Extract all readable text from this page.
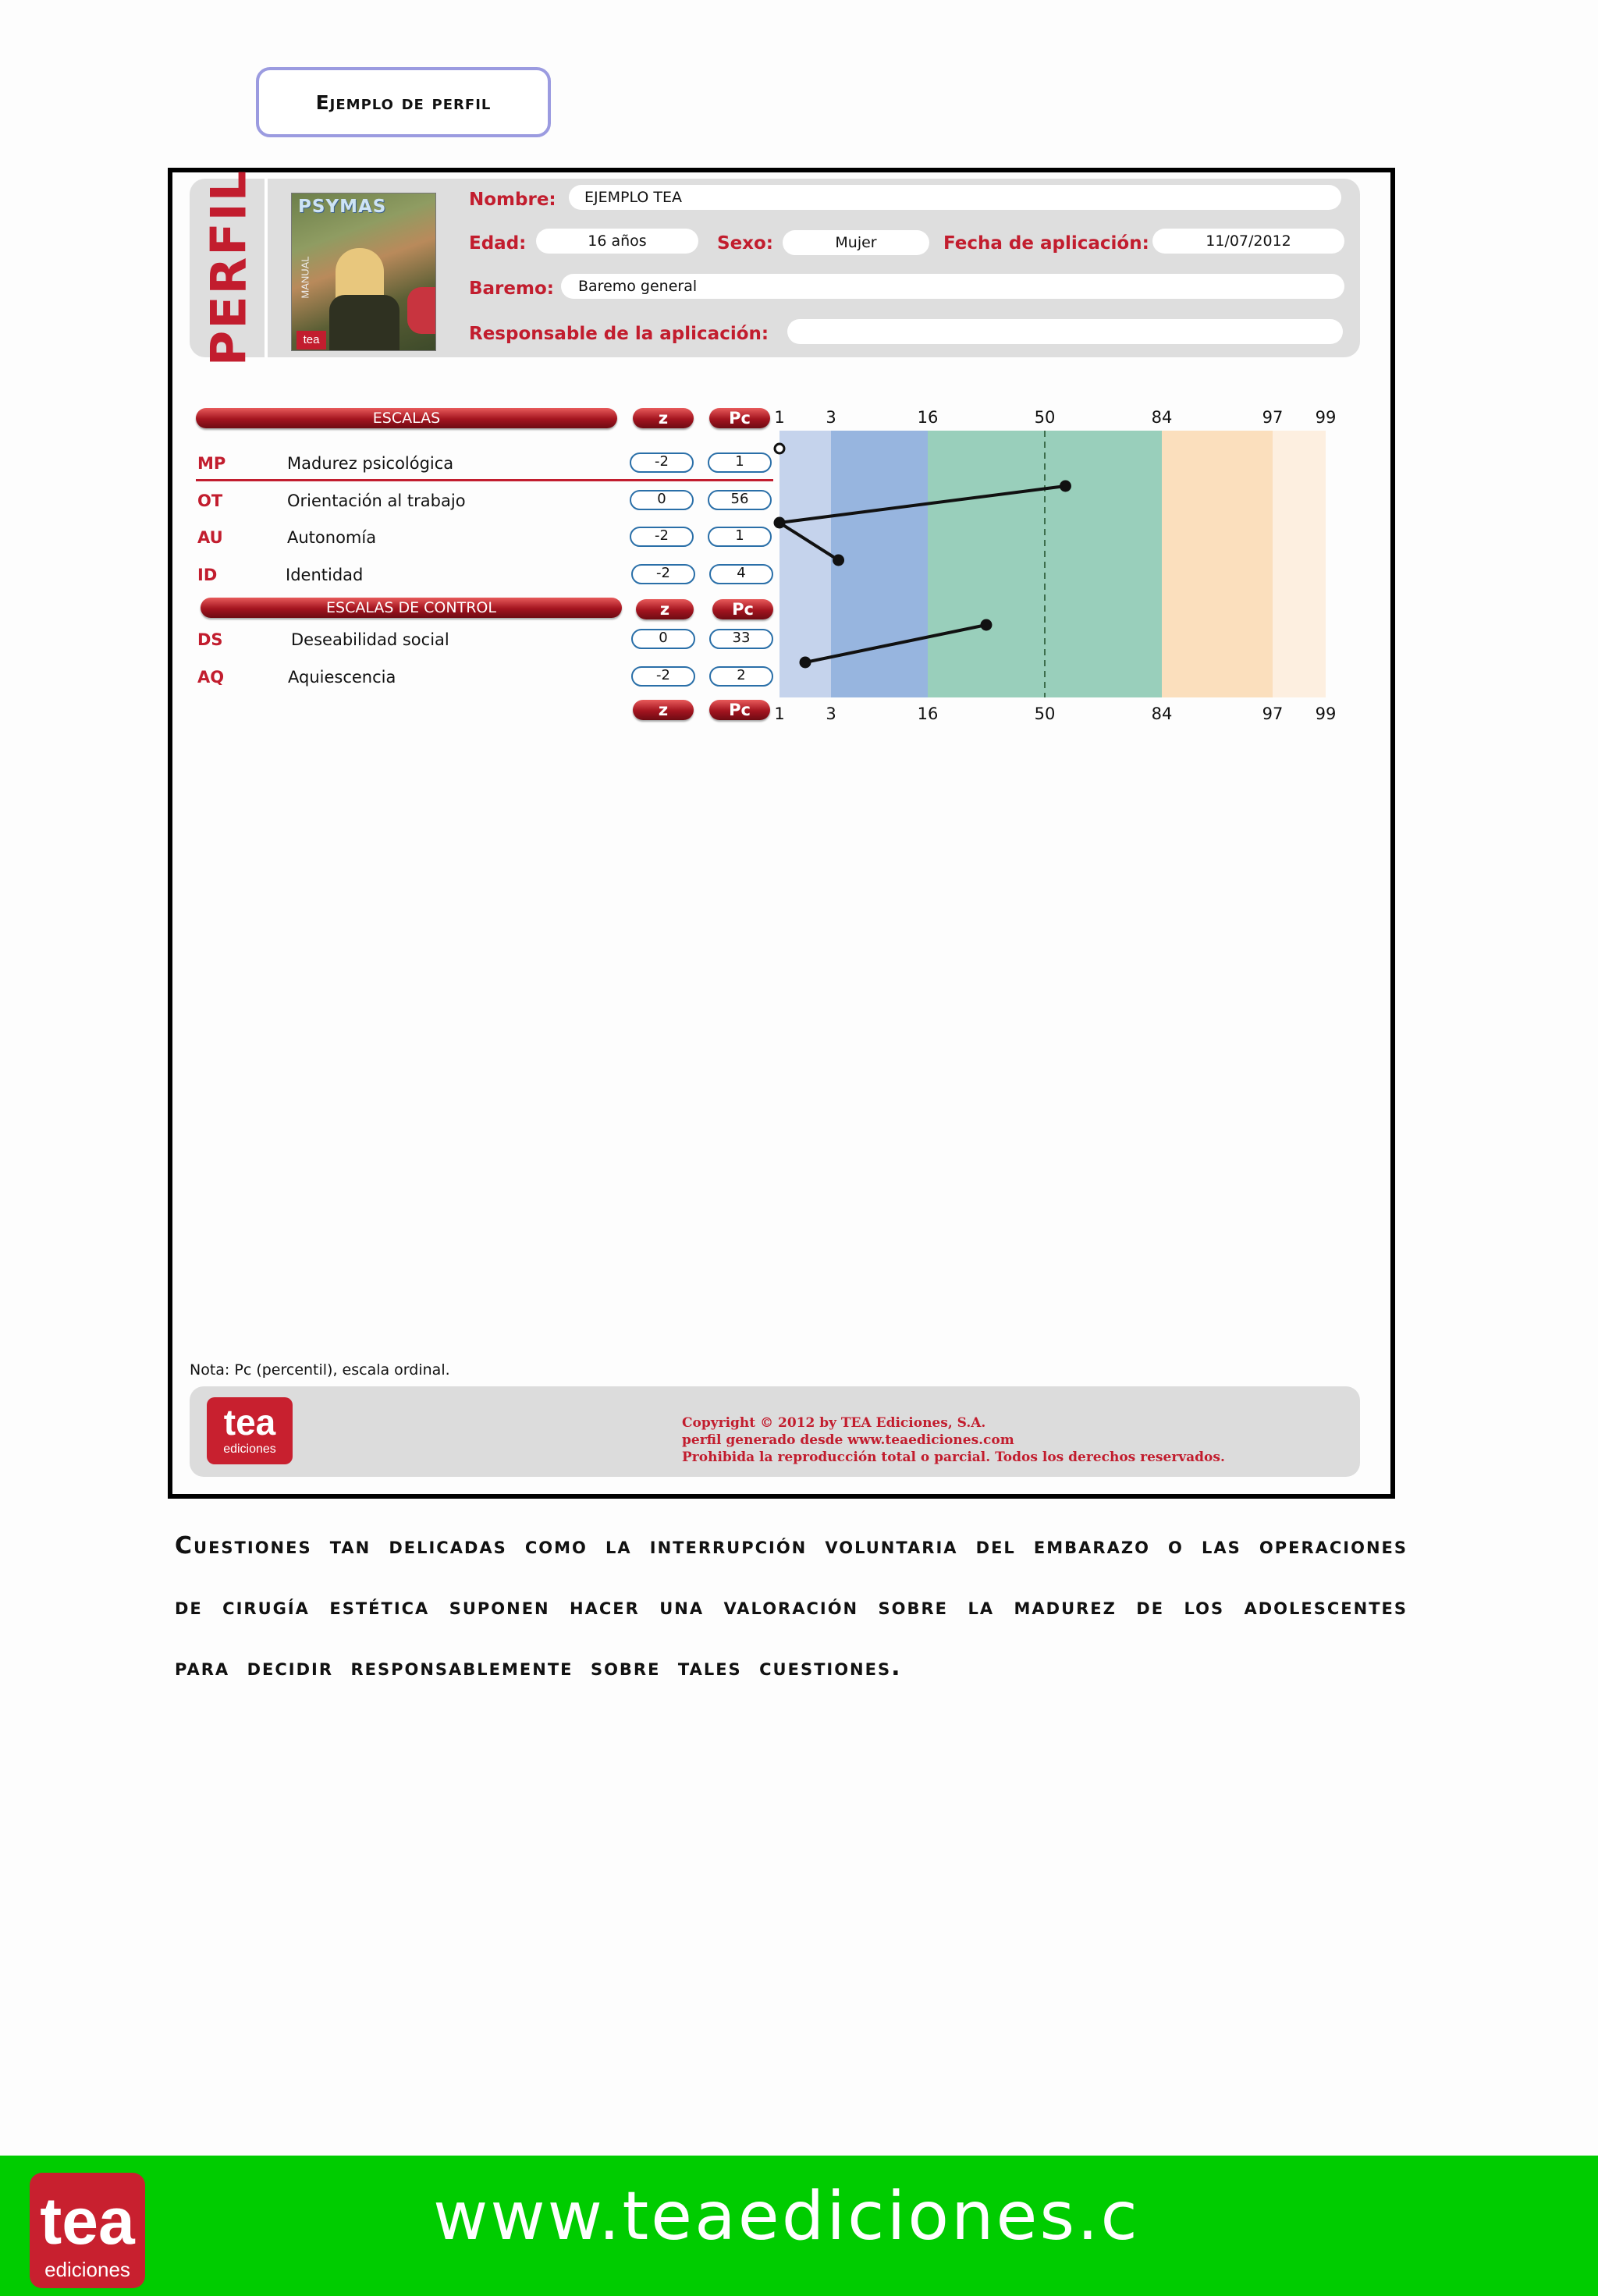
Ejemplo de perfil
PERFIL PSYMAS
MANUAL
tea
Nombre:	EJEMPLO TEA
Edad:	16 años	Sexo:	Mujer	Fecha de aplicación:	11/07/2012
Baremo:	Baremo general
Responsable de la aplicación:
ESCALAS	z	Pc
MP	Madurez psicológica	-2	1
OT	Orientación al trabajo	0	56
AU	Autonomía	-2	1
ID	Identidad	-2	4
ESCALAS DE CONTROL	z	Pc
DS	Deseabilidad social	0	33
AQ	Aquiescencia	-2	2
z	Pc
1
1
3
3
16
16
50
50
84
84
97
97
99
99
Nota: Pc (percentil), escala ordinal.
tea
ediciones
Copyright © 2012 by TEA Ediciones, S.A.
perfil generado desde www.teaediciones.com
Prohibida la reproducción total o parcial. Todos los derechos reservados.
Cuestiones tan delicadas como la interrupción voluntaria del embarazo o las operaciones de cirugía estética suponen hacer una valoración sobre la madurez de los adolescentes para decidir responsablemente sobre tales cuestiones.
tea
ediciones
www.teaediciones.c
